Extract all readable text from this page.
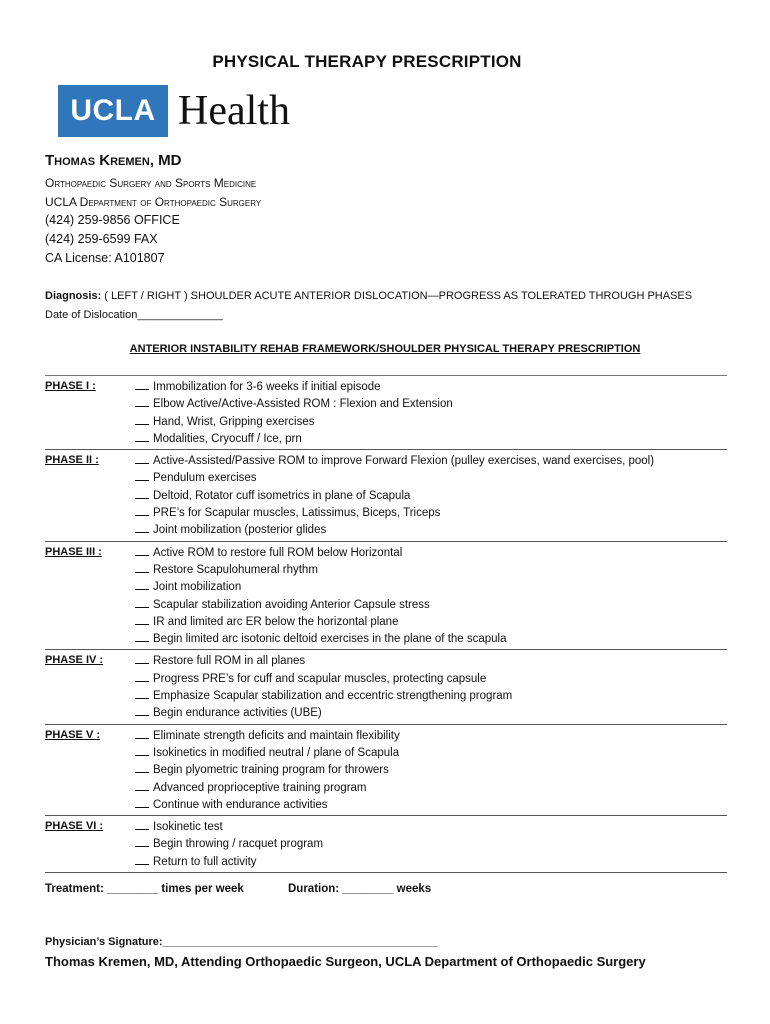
PHYSICAL THERAPY PRESCRIPTION
UCLA Health
Thomas Kremen, MD
Orthopaedic Surgery and Sports Medicine
UCLA Department of Orthopaedic Surgery
(424) 259-9856 OFFICE
(424) 259-6599 FAX
CA License: A101807
Diagnosis: ( LEFT / RIGHT ) SHOULDER ACUTE ANTERIOR DISLOCATION—PROGRESS AS TOLERATED THROUGH PHASES
Date of Dislocation______________
ANTERIOR INSTABILITY REHAB FRAMEWORK/SHOULDER PHYSICAL THERAPY PRESCRIPTION
PHASE I :	Immobilization for 3-6 weeks if initial episode
Elbow Active/Active-Assisted ROM : Flexion and Extension
Hand, Wrist, Gripping exercises
Modalities, Cryocuff / Ice, prn
PHASE II :	Active-Assisted/Passive ROM to improve Forward Flexion (pulley exercises, wand exercises, pool)
Pendulum exercises
Deltoid, Rotator cuff isometrics in plane of Scapula
PRE’s for Scapular muscles, Latissimus, Biceps, Triceps
Joint mobilization (posterior glides
PHASE III :	Active ROM to restore full ROM below Horizontal
Restore Scapulohumeral rhythm
Joint mobilization
Scapular stabilization avoiding Anterior Capsule stress
IR and limited arc ER below the horizontal plane
Begin limited arc isotonic deltoid exercises in the plane of the scapula
PHASE IV :	Restore full ROM in all planes
Progress PRE’s for cuff and scapular muscles, protecting capsule
Emphasize Scapular stabilization and eccentric strengthening program
Begin endurance activities (UBE)
PHASE V :	Eliminate strength deficits and maintain flexibility
Isokinetics in modified neutral / plane of Scapula
Begin plyometric training program for throwers
Advanced proprioceptive training program
Continue with endurance activities
PHASE VI :	Isokinetic test
Begin throwing / racquet program
Return to full activity
Treatment: ________ times per week	Duration: ________ weeks
Physician’s Signature:_____________________________________________
Thomas Kremen, MD, Attending Orthopaedic Surgeon, UCLA Department of Orthopaedic Surgery
